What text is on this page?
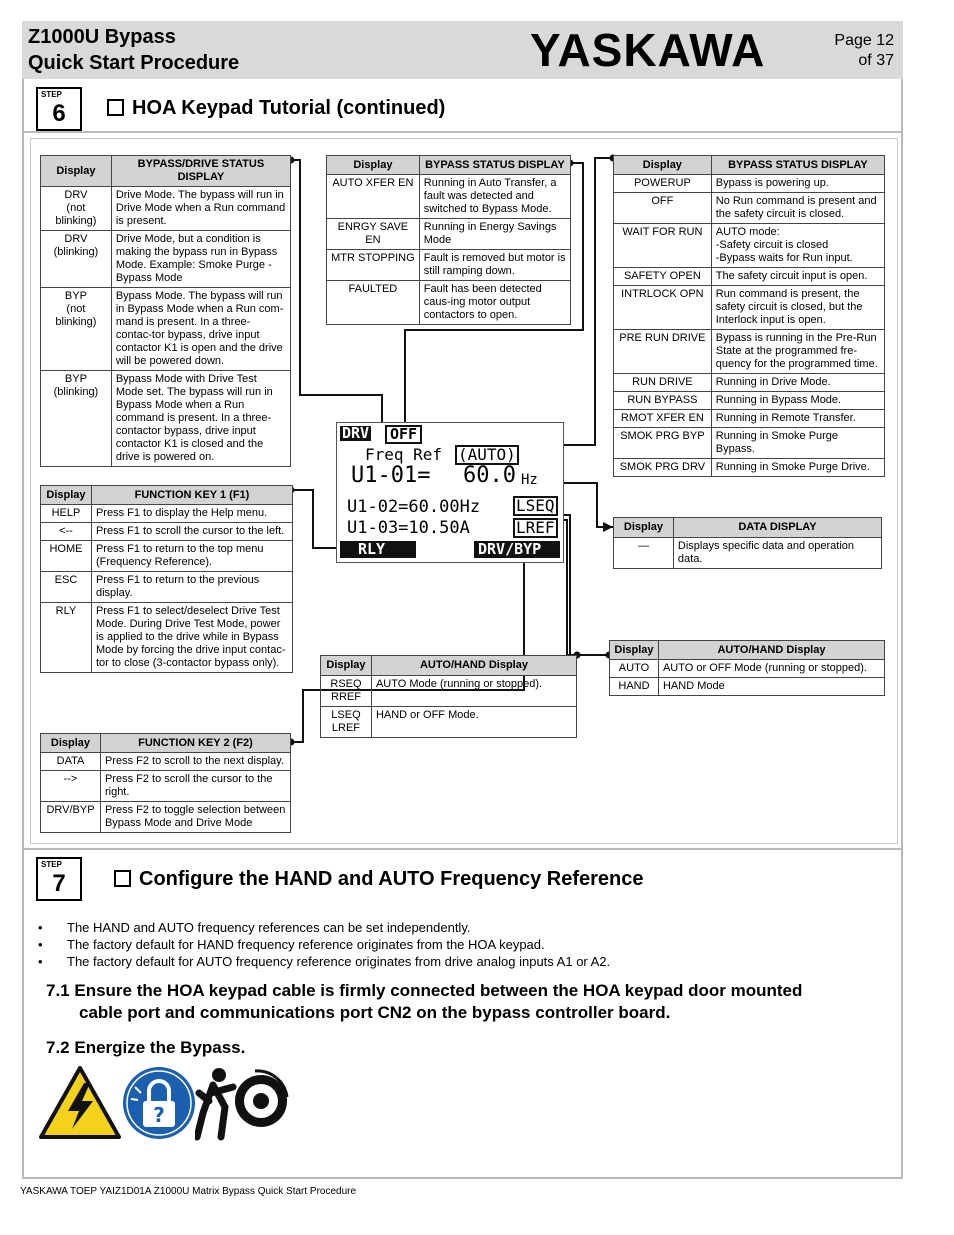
Z1000U Bypass
Quick Start Procedure	YASKAWA	Page 12
of 37
STEP
6	HOA Keypad Tutorial (continued)
Display	BYPASS/DRIVE STATUS DISPLAY
DRV
(not blinking)	Drive Mode. The bypass will run in Drive Mode when a Run command is present.
DRV
(blinking)	Drive Mode, but a condition is making the bypass run in Bypass Mode. Example: Smoke Purge - Bypass Mode
BYP
(not blinking)	Bypass Mode. The bypass will run in Bypass Mode when a Run com-mand is present. In a three-contac-tor bypass, drive input contactor K1 is open and the drive will be powered down.
BYP
(blinking)	Bypass Mode with Drive Test Mode set. The bypass will run in Bypass Mode when a Run command is present. In a three-contactor bypass, drive input contactor K1 is closed and the drive is powered on.
Display	BYPASS STATUS DISPLAY
AUTO XFER EN	Running in Auto Transfer, a fault was detected and switched to Bypass Mode.
ENRGY SAVE EN	Running in Energy Savings Mode
MTR STOPPING	Fault is removed but motor is still ramping down.
FAULTED	Fault has been detected caus-ing motor output contactors to open.
Display	BYPASS STATUS DISPLAY
POWERUP	Bypass is powering up.
OFF	No Run command is present and the safety circuit is closed.
WAIT FOR RUN	AUTO mode:
-Safety circuit is closed
-Bypass waits for Run input.
SAFETY OPEN	The safety circuit input is open.
INTRLOCK OPN	Run command is present, the safety circuit is closed, but the Interlock input is open.
PRE RUN DRIVE	Bypass is running in the Pre-Run State at the programmed fre-quency for the programmed time.
RUN DRIVE	Running in Drive Mode.
RUN BYPASS	Running in Bypass Mode.
RMOT XFER EN	Running in Remote Transfer.
SMOK PRG BYP	Running in Smoke Purge Bypass.
SMOK PRG DRV	Running in Smoke Purge Drive.
DRV	OFF
Freq Ref (AUTO)
U1-01= 60.0 Hz
U1-02=60.00Hz
U1-03=10.50A
LSEQ
LREF
RLY	DRV/BYP
Display	FUNCTION KEY 1 (F1)
HELP	Press F1 to display the Help menu.
<--	Press F1 to scroll the cursor to the left.
HOME	Press F1 to return to the top menu (Frequency Reference).
ESC	Press F1 to return to the previous display.
RLY	Press F1 to select/deselect Drive Test Mode. During Drive Test Mode, power is applied to the drive while in Bypass Mode by forcing the drive input contac-tor to close (3-contactor bypass only).
Display	DATA DISPLAY
—	Displays specific data and operation data.
Display	AUTO/HAND Display
AUTO	AUTO or OFF Mode (running or stopped).
HAND	HAND Mode
Display	AUTO/HAND Display
RSEQ
RREF	AUTO Mode (running or stopped).
LSEQ
LREF	HAND or OFF Mode.
Display	FUNCTION KEY 2 (F2)
DATA	Press F2 to scroll to the next display.
-->	Press F2 to scroll the cursor to the right.
DRV/BYP	Press F2 to toggle selection between Bypass Mode and Drive Mode
STEP
7	Configure the HAND and AUTO Frequency Reference
• The HAND and AUTO frequency references can be set independently.
• The factory default for HAND frequency reference originates from the HOA keypad.
• The factory default for AUTO frequency reference originates from drive analog inputs A1 or A2.
7.1 Ensure the HOA keypad cable is firmly connected between the HOA keypad door mounted
cable port and communications port CN2 on the bypass controller board.
7.2 Energize the Bypass.
?
YASKAWA TOEP YAIZ1D01A Z1000U Matrix Bypass Quick Start Procedure
